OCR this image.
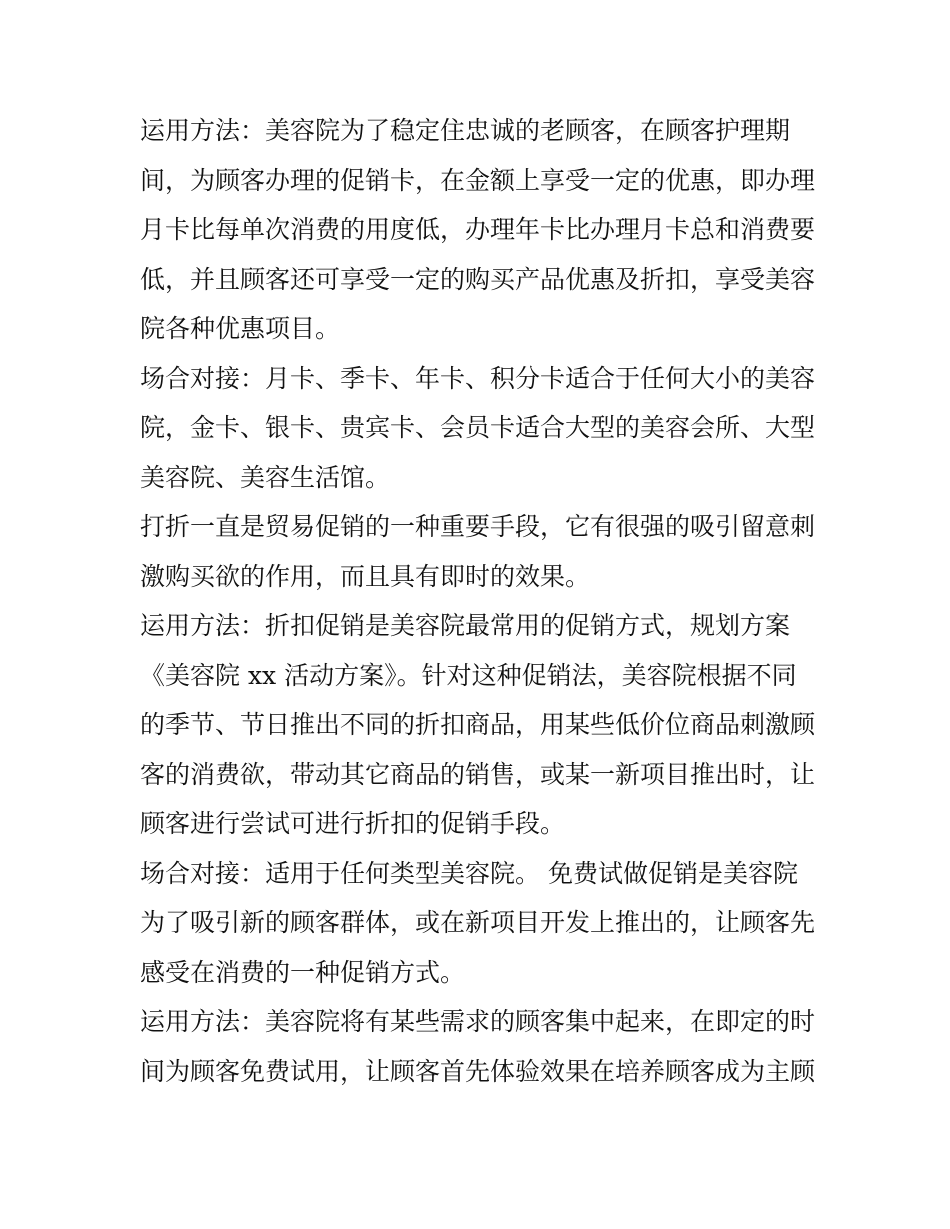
运用方法：美容院为了稳定住忠诚的老顾客，在顾客护理期
间，为顾客办理的促销卡，在金额上享受一定的优惠，即办理
月卡比每单次消费的用度低，办理年卡比办理月卡总和消费要
低，并且顾客还可享受一定的购买产品优惠及折扣，享受美容
院各种优惠项目。

场合对接：月卡、季卡、年卡、积分卡适合于任何大小的美容
院，金卡、银卡、贵宾卡、会员卡适合大型的美容会所、大型
美容院、美容生活馆。

打折一直是贸易促销的一种重要手段，它有很强的吸引留意刺
激购买欲的作用，而且具有即时的效果。

运用方法：折扣促销是美容院最常用的促销方式，规划方案
《美容院 xx 活动方案》。针对这种促销法，美容院根据不同
的季节、节日推出不同的折扣商品，用某些低价位商品刺激顾
客的消费欲，带动其它商品的销售，或某一新项目推出时，让
顾客进行尝试可进行折扣的促销手段。

场合对接：适用于任何类型美容院。 免费试做促销是美容院
为了吸引新的顾客群体，或在新项目开发上推出的，让顾客先
感受在消费的一种促销方式。

运用方法：美容院将有某些需求的顾客集中起来，在即定的时
间为顾客免费试用，让顾客首先体验效果在培养顾客成为主顾
